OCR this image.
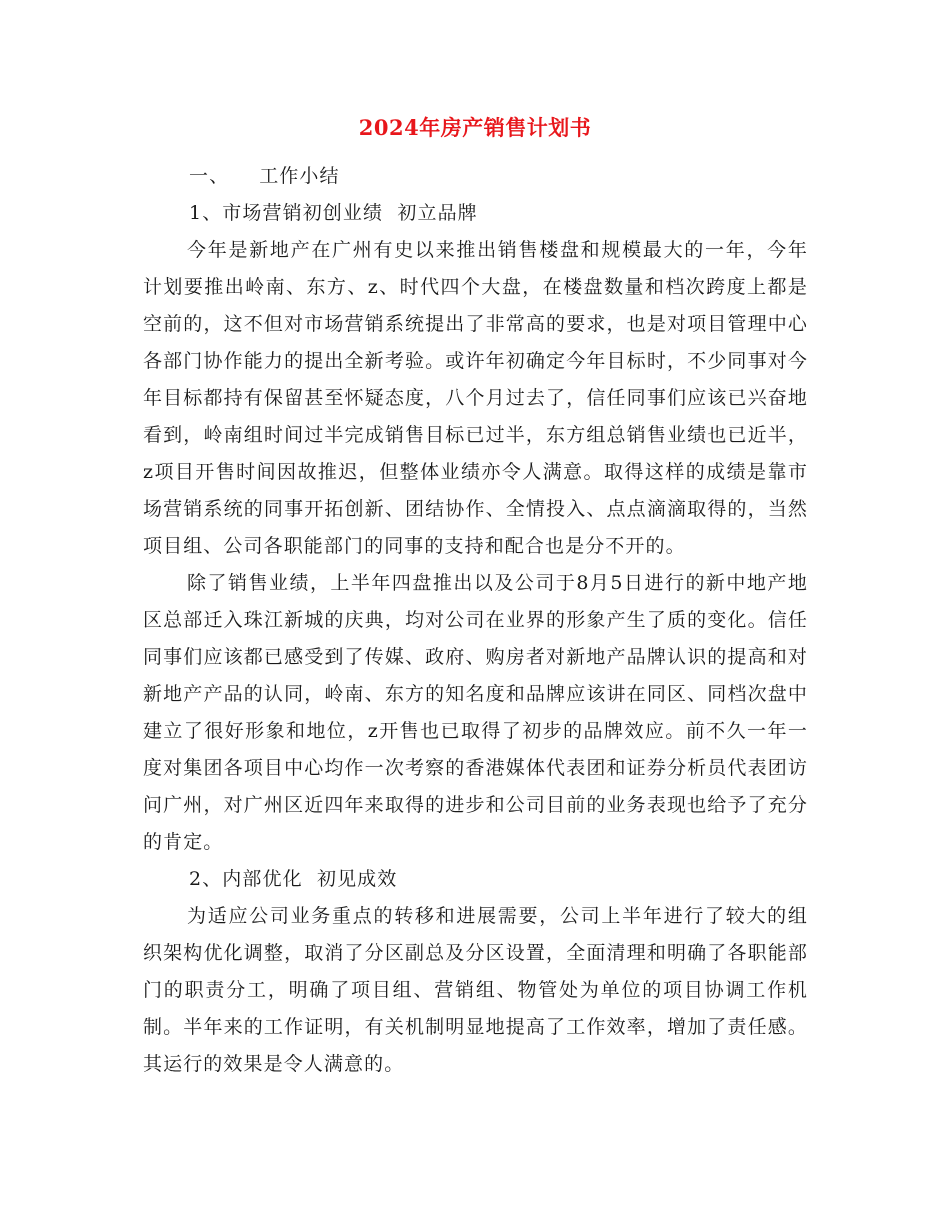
2024年房产销售计划书

一、 工作小结

1、市场营销初创业绩  初立品牌

今年是新地产在广州有史以来推出销售楼盘和规模最大的一年，今年计划要推出岭南、东方、z、时代四个大盘，在楼盘数量和档次跨度上都是空前的，这不但对市场营销系统提出了非常高的要求，也是对项目管理中心各部门协作能力的提出全新考验。或许年初确定今年目标时，不少同事对今年目标都持有保留甚至怀疑态度，八个月过去了，信任同事们应该已兴奋地看到，岭南组时间过半完成销售目标已过半，东方组总销售业绩也已近半，z项目开售时间因故推迟，但整体业绩亦令人满意。取得这样的成绩是靠市场营销系统的同事开拓创新、团结协作、全情投入、点点滴滴取得的，当然项目组、公司各职能部门的同事的支持和配合也是分不开的。

除了销售业绩，上半年四盘推出以及公司于8月5日进行的新中地产地区总部迁入珠江新城的庆典，均对公司在业界的形象产生了质的变化。信任同事们应该都已感受到了传媒、政府、购房者对新地产品牌认识的提高和对新地产产品的认同，岭南、东方的知名度和品牌应该讲在同区、同档次盘中建立了很好形象和地位，z开售也已取得了初步的品牌效应。前不久一年一度对集团各项目中心均作一次考察的香港媒体代表团和证券分析员代表团访问广州，对广州区近四年来取得的进步和公司目前的业务表现也给予了充分的肯定。

2、内部优化  初见成效

为适应公司业务重点的转移和进展需要，公司上半年进行了较大的组织架构优化调整，取消了分区副总及分区设置，全面清理和明确了各职能部门的职责分工，明确了项目组、营销组、物管处为单位的项目协调工作机制。半年来的工作证明，有关机制明显地提高了工作效率，增加了责任感。其运行的效果是令人满意的。
